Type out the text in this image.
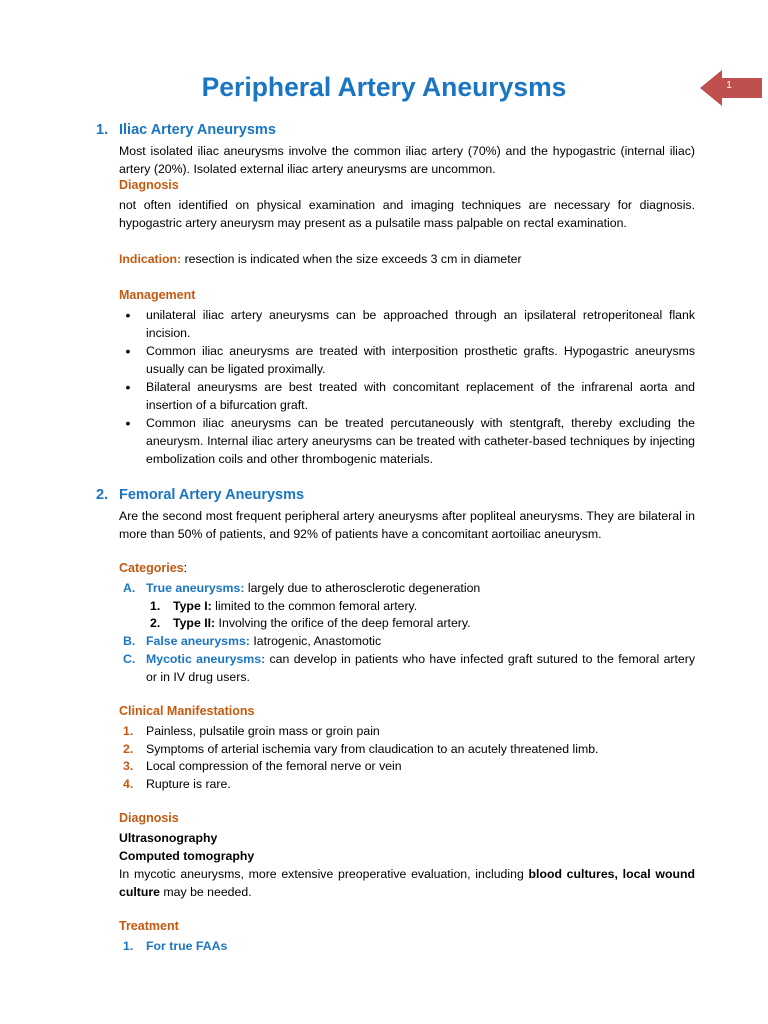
Peripheral Artery Aneurysms	1
1. Iliac Artery Aneurysms
Most isolated iliac aneurysms involve the common iliac artery (70%) and the hypogastric (internal iliac) artery (20%). Isolated external iliac artery aneurysms are uncommon.
Diagnosis
not often identified on physical examination and imaging techniques are necessary for diagnosis. hypogastric artery aneurysm may present as a pulsatile mass palpable on rectal examination.
Indication: resection is indicated when the size exceeds 3 cm in diameter
Management
•	unilateral iliac artery aneurysms can be approached through an ipsilateral retroperitoneal flank incision.
•	Common iliac aneurysms are treated with interposition prosthetic grafts. Hypogastric aneurysms usually can be ligated proximally.
•	Bilateral aneurysms are best treated with concomitant replacement of the infrarenal aorta and insertion of a bifurcation graft.
•	Common iliac aneurysms can be treated percutaneously with stentgraft, thereby excluding the aneurysm. Internal iliac artery aneurysms can be treated with catheter-based techniques by injecting embolization coils and other thrombogenic materials.
2. Femoral Artery Aneurysms
Are the second most frequent peripheral artery aneurysms after popliteal aneurysms. They are bilateral in more than 50% of patients, and 92% of patients have a concomitant aortoiliac aneurysm.
Categories:
A. True aneurysms: largely due to atherosclerotic degeneration
1. Type I: limited to the common femoral artery.
2. Type II: Involving the orifice of the deep femoral artery.
B. False aneurysms: Iatrogenic, Anastomotic
C. Mycotic aneurysms: can develop in patients who have infected graft sutured to the femoral artery or in IV drug users.
Clinical Manifestations
1. Painless, pulsatile groin mass or groin pain
2. Symptoms of arterial ischemia vary from claudication to an acutely threatened limb.
3. Local compression of the femoral nerve or vein
4. Rupture is rare.
Diagnosis
Ultrasonography
Computed tomography
In mycotic aneurysms, more extensive preoperative evaluation, including blood cultures, local wound culture may be needed.
Treatment
1. For true FAAs
